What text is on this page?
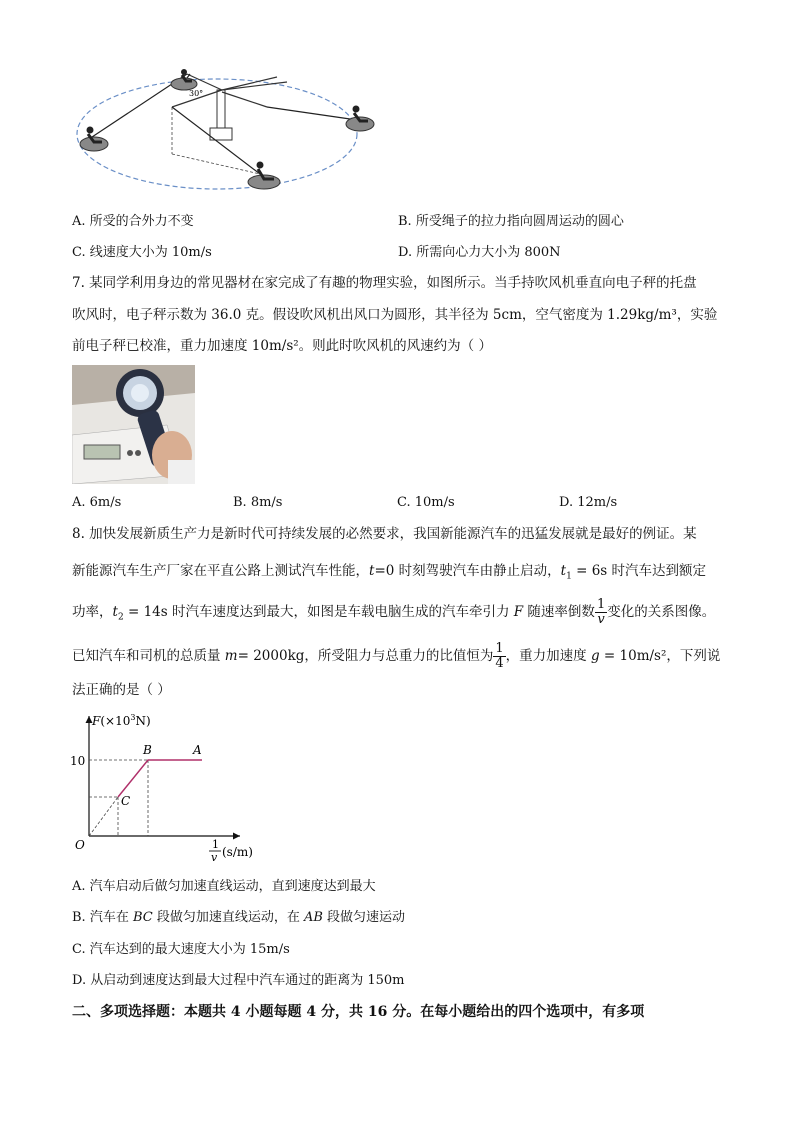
30°
A. 所受的合外力不变	B. 所受绳子的拉力指向圆周运动的圆心
C. 线速度大小为 10m/s	D. 所需向心力大小为 800N
7. 某同学利用身边的常见器材在家完成了有趣的物理实验，如图所示。当手持吹风机垂直向电子秤的托盘
吹风时，电子秤示数为 36.0 克。假设吹风机出风口为圆形，其半径为 5cm，空气密度为 1.29kg/m³，实验
前电子秤已校准，重力加速度 10m/s²。则此时吹风机的风速约为（ ）
A. 6m/s	B. 8m/s	C. 10m/s	D. 12m/s
8. 加快发展新质生产力是新时代可持续发展的必然要求，我国新能源汽车的迅猛发展就是最好的例证。某
新能源汽车生产厂家在平直公路上测试汽车性能，t=0 时刻驾驶汽车由静止启动，$t_1 = 6s$ 时汽车达到额定
功率，$t_2 = 14s$ 时汽车速度达到最大，如图是车载电脑生成的汽车牵引力 F 随速率倒数 $\frac{1}{v}$ 变化的关系图像。
已知汽车和司机的总质量 m= 2000kg，所受阻力与总重力的比值恒为 $\frac{1}{4}$ ，重力加速度 g = 10m/s²，下列说
法正确的是（ ）
$F(\times 10^3N)$
10
B	A
C
O	1
v (s/m)
A. 汽车启动后做匀加速直线运动，直到速度达到最大
B. 汽车在 BC 段做匀加速直线运动，在 AB 段做匀速运动
C. 汽车达到的最大速度大小为 15m/s
D. 从启动到速度达到最大过程中汽车通过的距离为 150m
二、多项选择题：本题共 4 小题每题 4 分，共 16 分。在每小题给出的四个选项中，有多项
